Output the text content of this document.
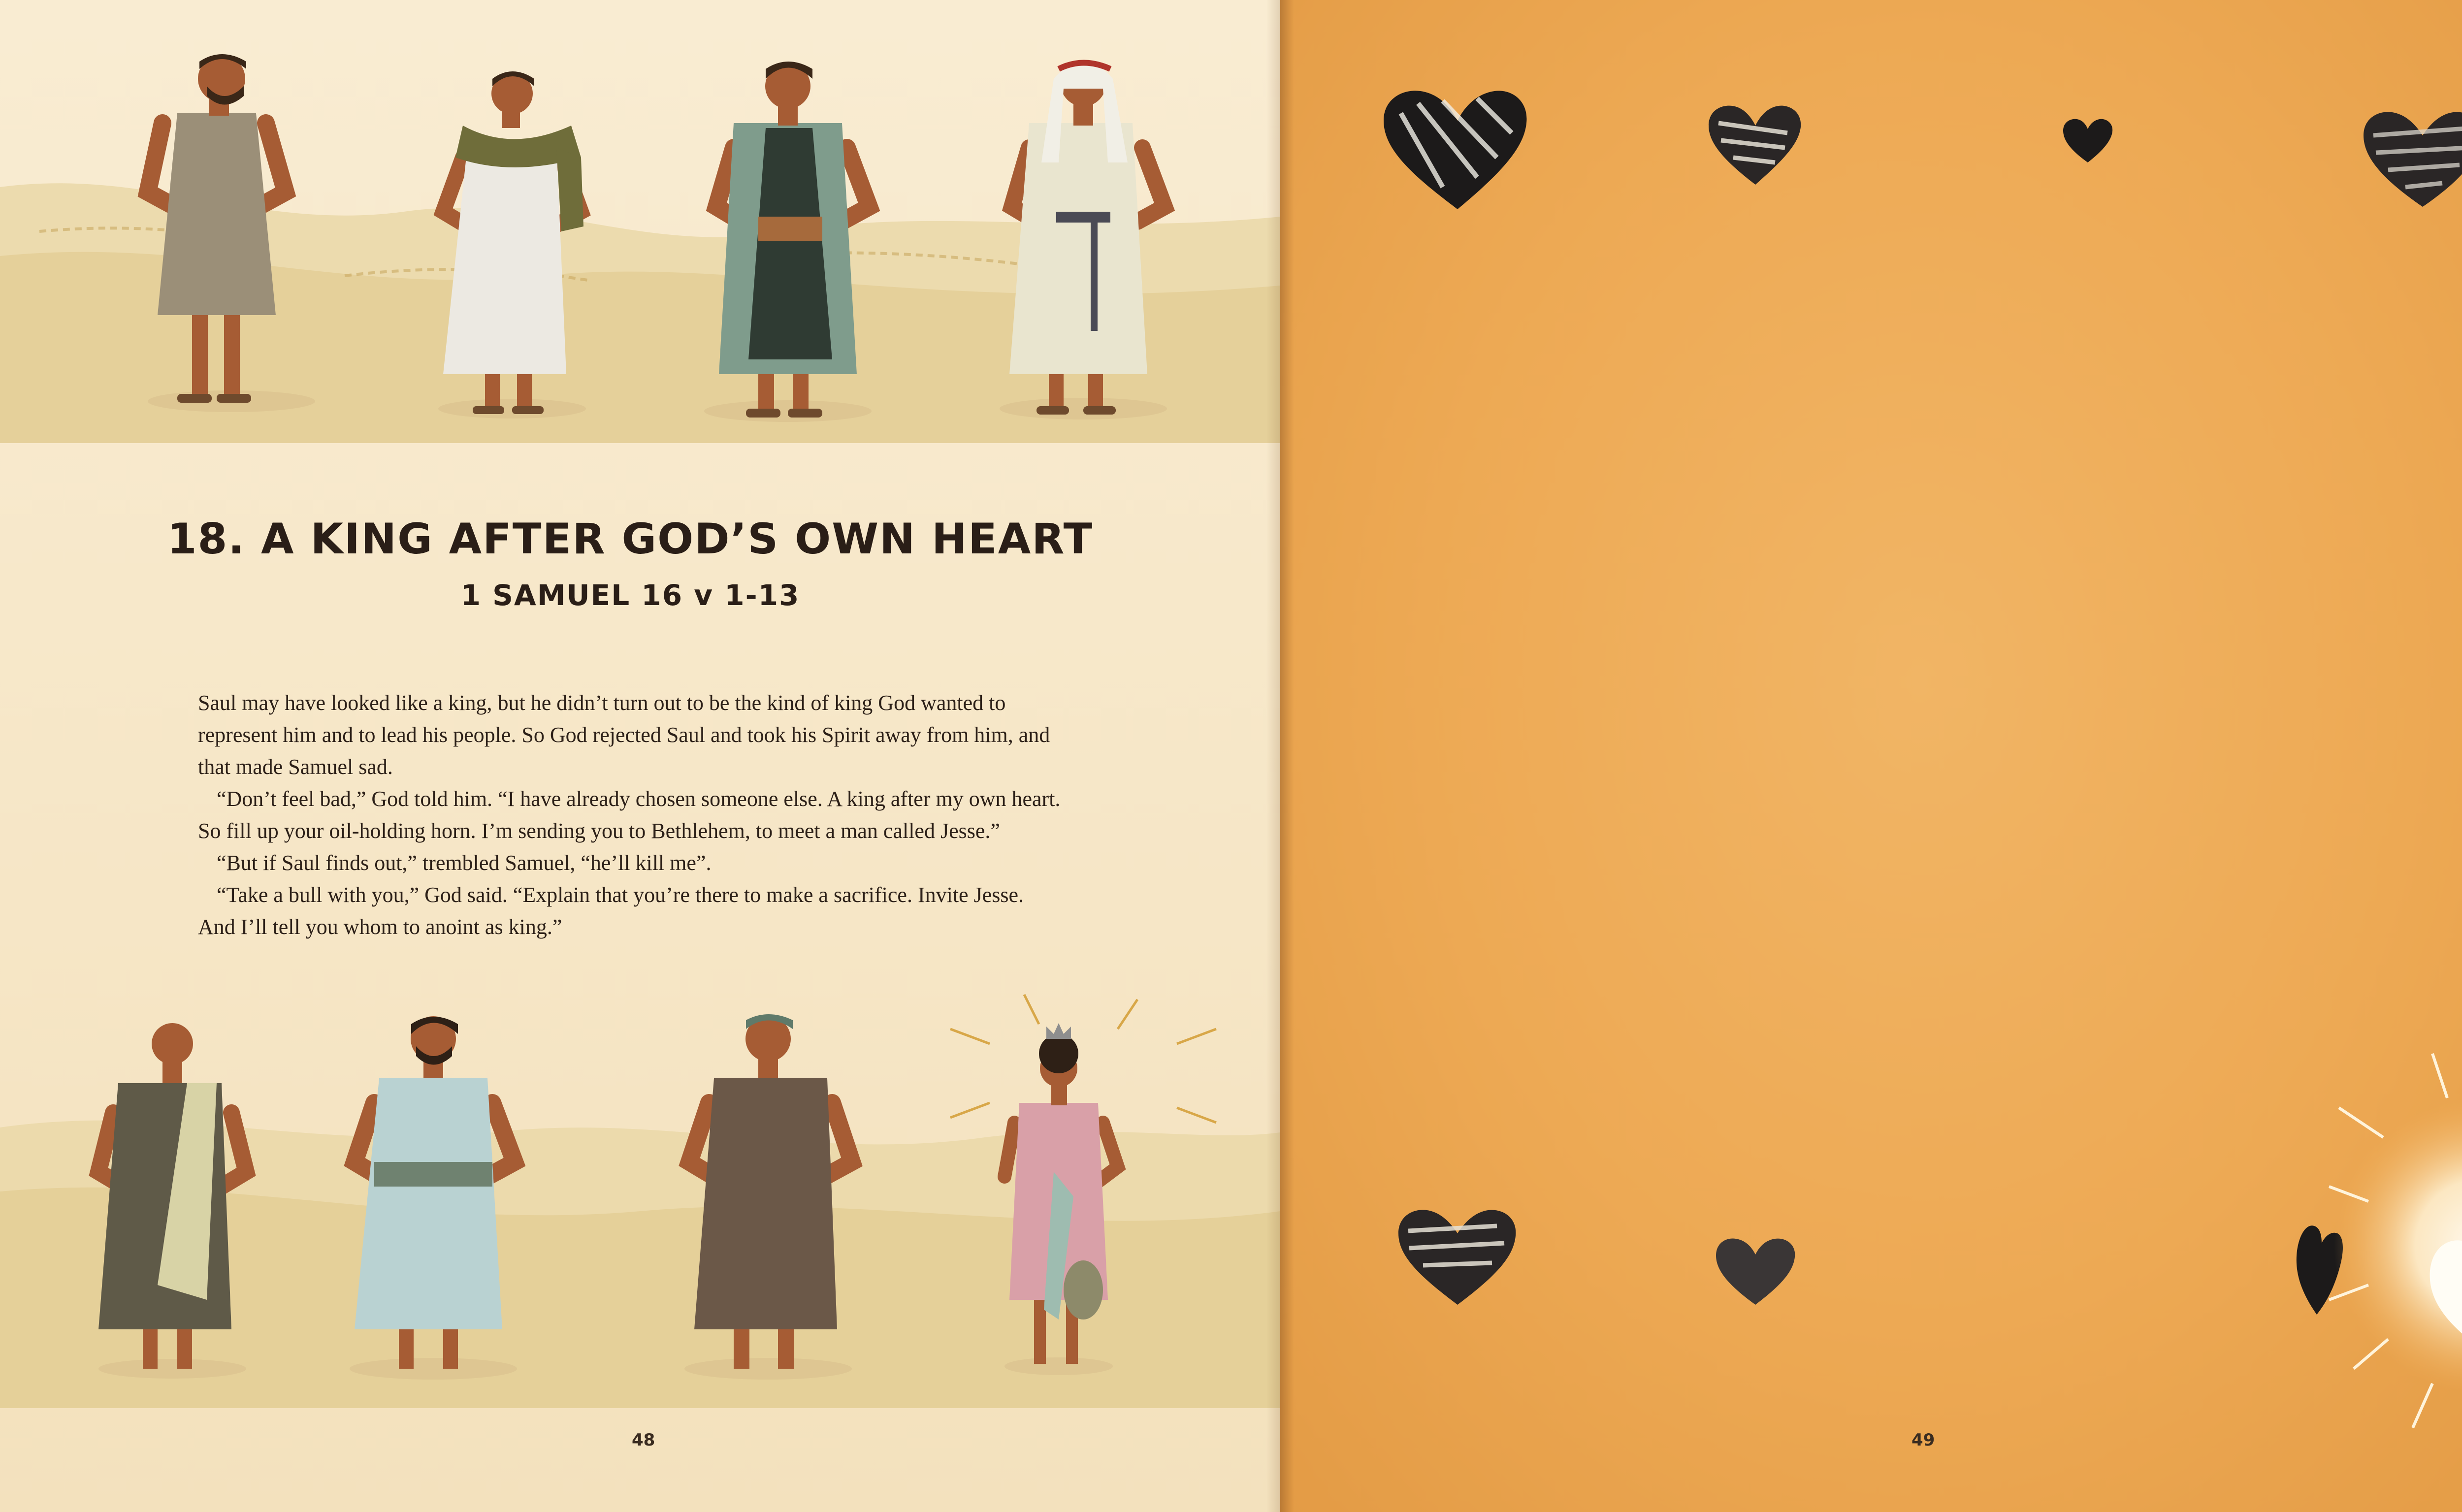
18. A KING AFTER GOD’S OWN HEART
1 SAMUEL 16 v 1-13

Saul may have looked like a king, but he didn’t turn out to be the kind of king God wanted to represent him and to lead his people. So God rejected Saul and took his Spirit away from him, and that made Samuel sad.

“Don’t feel bad,” God told him. “I have already chosen someone else. A king after my own heart. So fill up your oil-holding horn. I’m sending you to Bethlehem, to meet a man called Jesse.”

“But if Saul finds out,” trembled Samuel, “he’ll kill me”.

“Take a bull with you,” God said. “Explain that you’re there to make a sacrifice. Invite Jesse. And I’ll tell you whom to anoint as king.”

48	49
